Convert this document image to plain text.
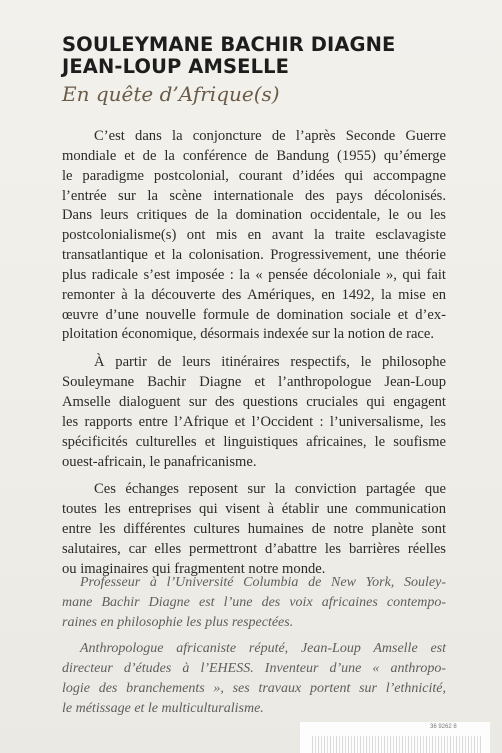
SOULEYMANE BACHIR DIAGNE
JEAN-LOUP AMSELLE
En quête d’Afrique(s)

C’est dans la conjoncture de l’après Seconde Guerre
mondiale et de la conférence de Bandung (1955) qu’émerge
le paradigme postcolonial, courant d’idées qui accompagne
l’entrée sur la scène internationale des pays décolonisés.
Dans leurs critiques de la domination occidentale, le ou les
postcolonialisme(s) ont mis en avant la traite esclavagiste
transatlantique et la colonisation. Progressivement, une théorie
plus radicale s’est imposée : la « pensée décoloniale », qui fait
remonter à la découverte des Amériques, en 1492, la mise en
œuvre d’une nouvelle formule de domination sociale et d’ex-
ploitation économique, désormais indexée sur la notion de race.

À partir de leurs itinéraires respectifs, le philosophe
Souleymane Bachir Diagne et l’anthropologue Jean-Loup
Amselle dialoguent sur des questions cruciales qui engagent
les rapports entre l’Afrique et l’Occident : l’universalisme, les
spécificités culturelles et linguistiques africaines, le soufisme
ouest-africain, le panafricanisme.

Ces échanges reposent sur la conviction partagée que
toutes les entreprises qui visent à établir une communication
entre les différentes cultures humaines de notre planète sont
salutaires, car elles permettront d’abattre les barrières réelles
ou imaginaires qui fragmentent notre monde.

Professeur à l’Université Columbia de New York, Souley-
mane Bachir Diagne est l’une des voix africaines contempo-
raines en philosophie les plus respectées.

Anthropologue africaniste réputé, Jean-Loup Amselle est
directeur d’études à l’EHESS. Inventeur d’une « anthropo-
logie des branchements », ses travaux portent sur l’ethnicité,
le métissage et le multiculturalisme.

36 9262 8
